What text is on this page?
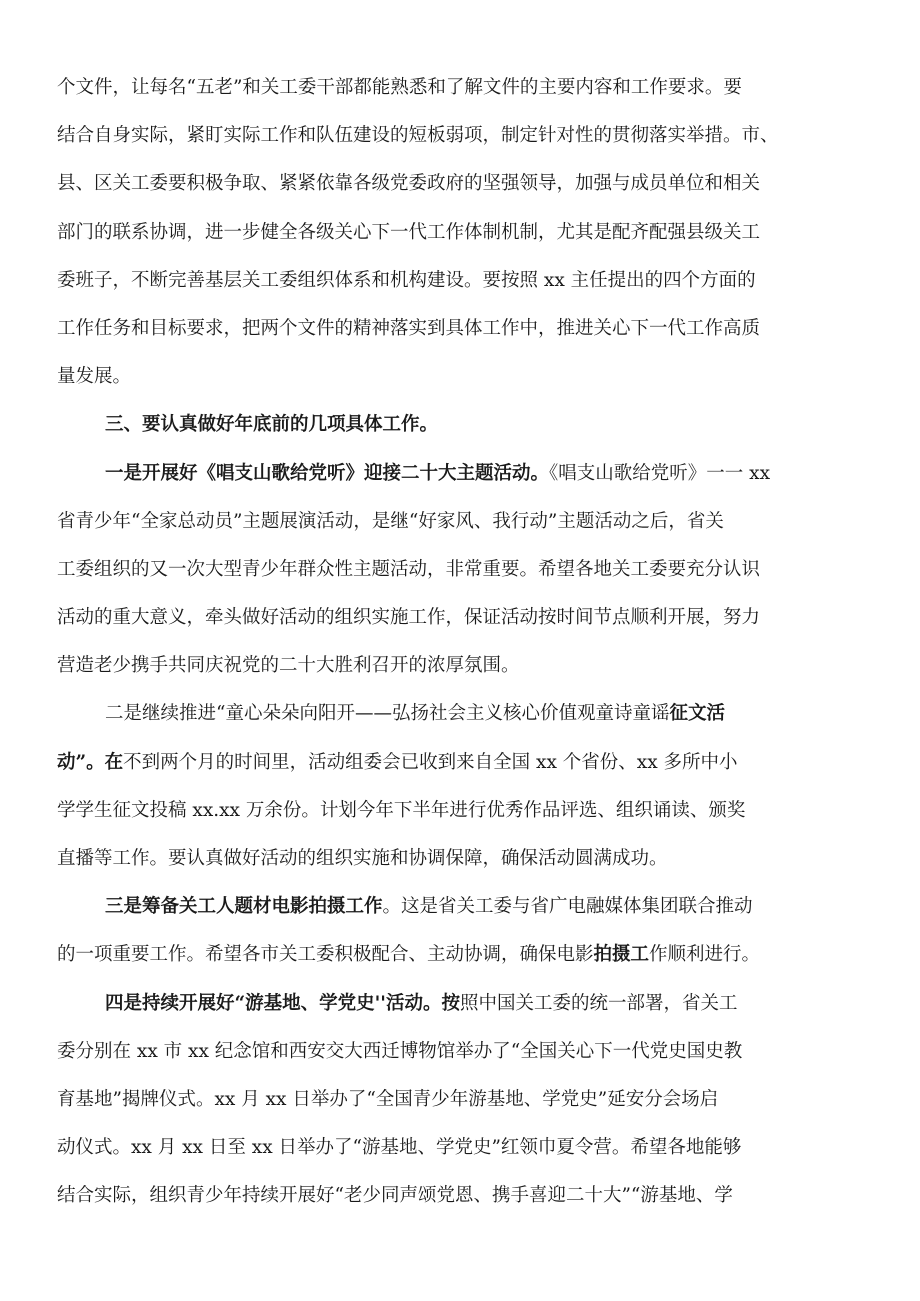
个文件，让每名“五老”和关工委干部都能熟悉和了解文件的主要内容和工作要求。要
结合自身实际，紧盯实际工作和队伍建设的短板弱项，制定针对性的贯彻落实举措。市、
县、区关工委要积极争取、紧紧依靠各级党委政府的坚强领导，加强与成员单位和相关
部门的联系协调，进一步健全各级关心下一代工作体制机制，尤其是配齐配强县级关工
委班子，不断完善基层关工委组织体系和机构建设。要按照 xx 主任提出的四个方面的
工作任务和目标要求，把两个文件的精神落实到具体工作中，推进关心下一代工作高质
量发展。
三、要认真做好年底前的几项具体工作。
一是开展好《唱支山歌给党听》迎接二十大主题活动。《唱支山歌给党听》一一 xx
省青少年“全家总动员”主题展演活动，是继“好家风、我行动”主题活动之后，省关
工委组织的又一次大型青少年群众性主题活动，非常重要。希望各地关工委要充分认识
活动的重大意义，牵头做好活动的组织实施工作，保证活动按时间节点顺利开展，努力
营造老少携手共同庆祝党的二十大胜利召开的浓厚氛围。
二是继续推进“童心朵朵向阳开——弘扬社会主义核心价值观童诗童谣征文活
动”。在不到两个月的时间里，活动组委会已收到来自全国 xx 个省份、xx 多所中小
学学生征文投稿 xx.xx 万余份。计划今年下半年进行优秀作品评选、组织诵读、颁奖
直播等工作。要认真做好活动的组织实施和协调保障，确保活动圆满成功。
三是筹备关工人题材电影拍摄工作。这是省关工委与省广电融媒体集团联合推动
的一项重要工作。希望各市关工委积极配合、主动协调，确保电影拍摄工作顺利进行。
四是持续开展好“游基地、学党史''活动。按照中国关工委的统一部署，省关工
委分别在 xx 市 xx 纪念馆和西安交大西迁博物馆举办了“全国关心下一代党史国史教
育基地”揭牌仪式。xx 月 xx 日举办了“全国青少年游基地、学党史”延安分会场启
动仪式。xx 月 xx 日至 xx 日举办了“游基地、学党史”红领巾夏令营。希望各地能够
结合实际，组织青少年持续开展好“老少同声颂党恩、携手喜迎二十大”“游基地、学
